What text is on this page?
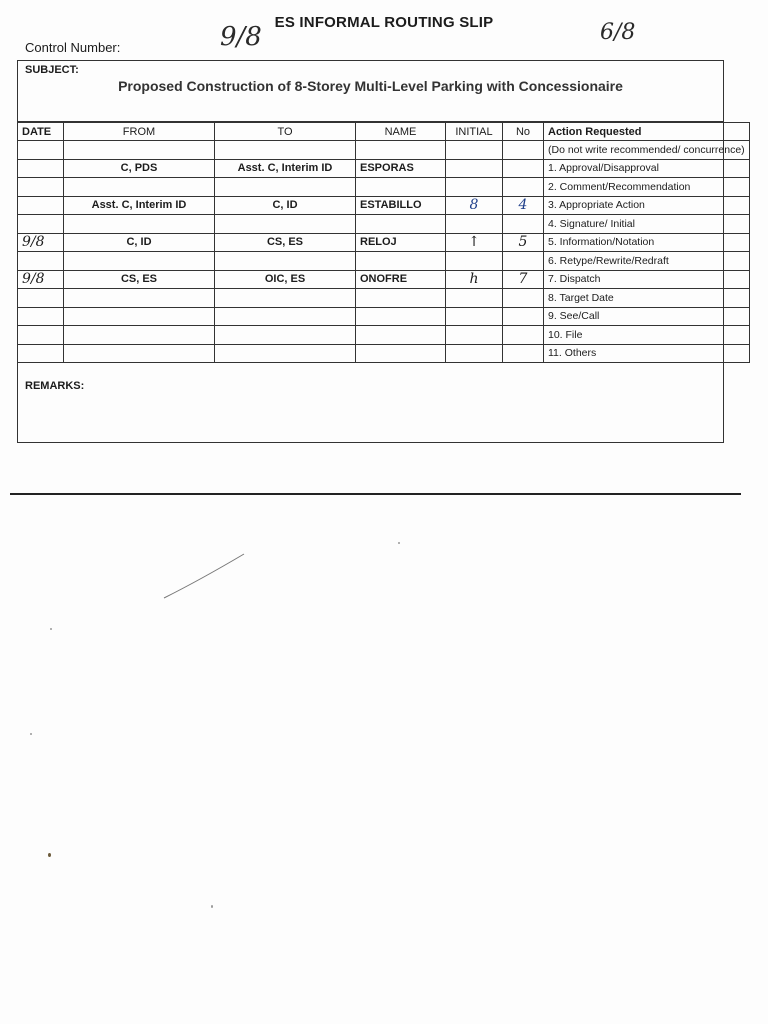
ES INFORMAL ROUTING SLIP
Control Number:	9/8	6/8
SUBJECT:
Proposed Construction of 8-Storey Multi-Level Parking with Concessionaire
DATE	FROM	TO	NAME	INITIAL	No	Action Requested
						(Do not write recommended/ concurrence)
	C, PDS	Asst. C, Interim ID	ESPORAS			1. Approval/Disapproval
						2. Comment/Recommendation
	Asst. C, Interim ID	C, ID	ESTABILLO	8	4	3. Appropriate Action
						4. Signature/ Initial
9/8	C, ID	CS, ES	RELOJ	↑	5	5. Information/Notation
						6. Retype/Rewrite/Redraft
9/8	CS, ES	OIC, ES	ONOFRE	h	7	7. Dispatch
						8. Target Date
						9. See/Call
						10. File
						11. Others
REMARKS:
